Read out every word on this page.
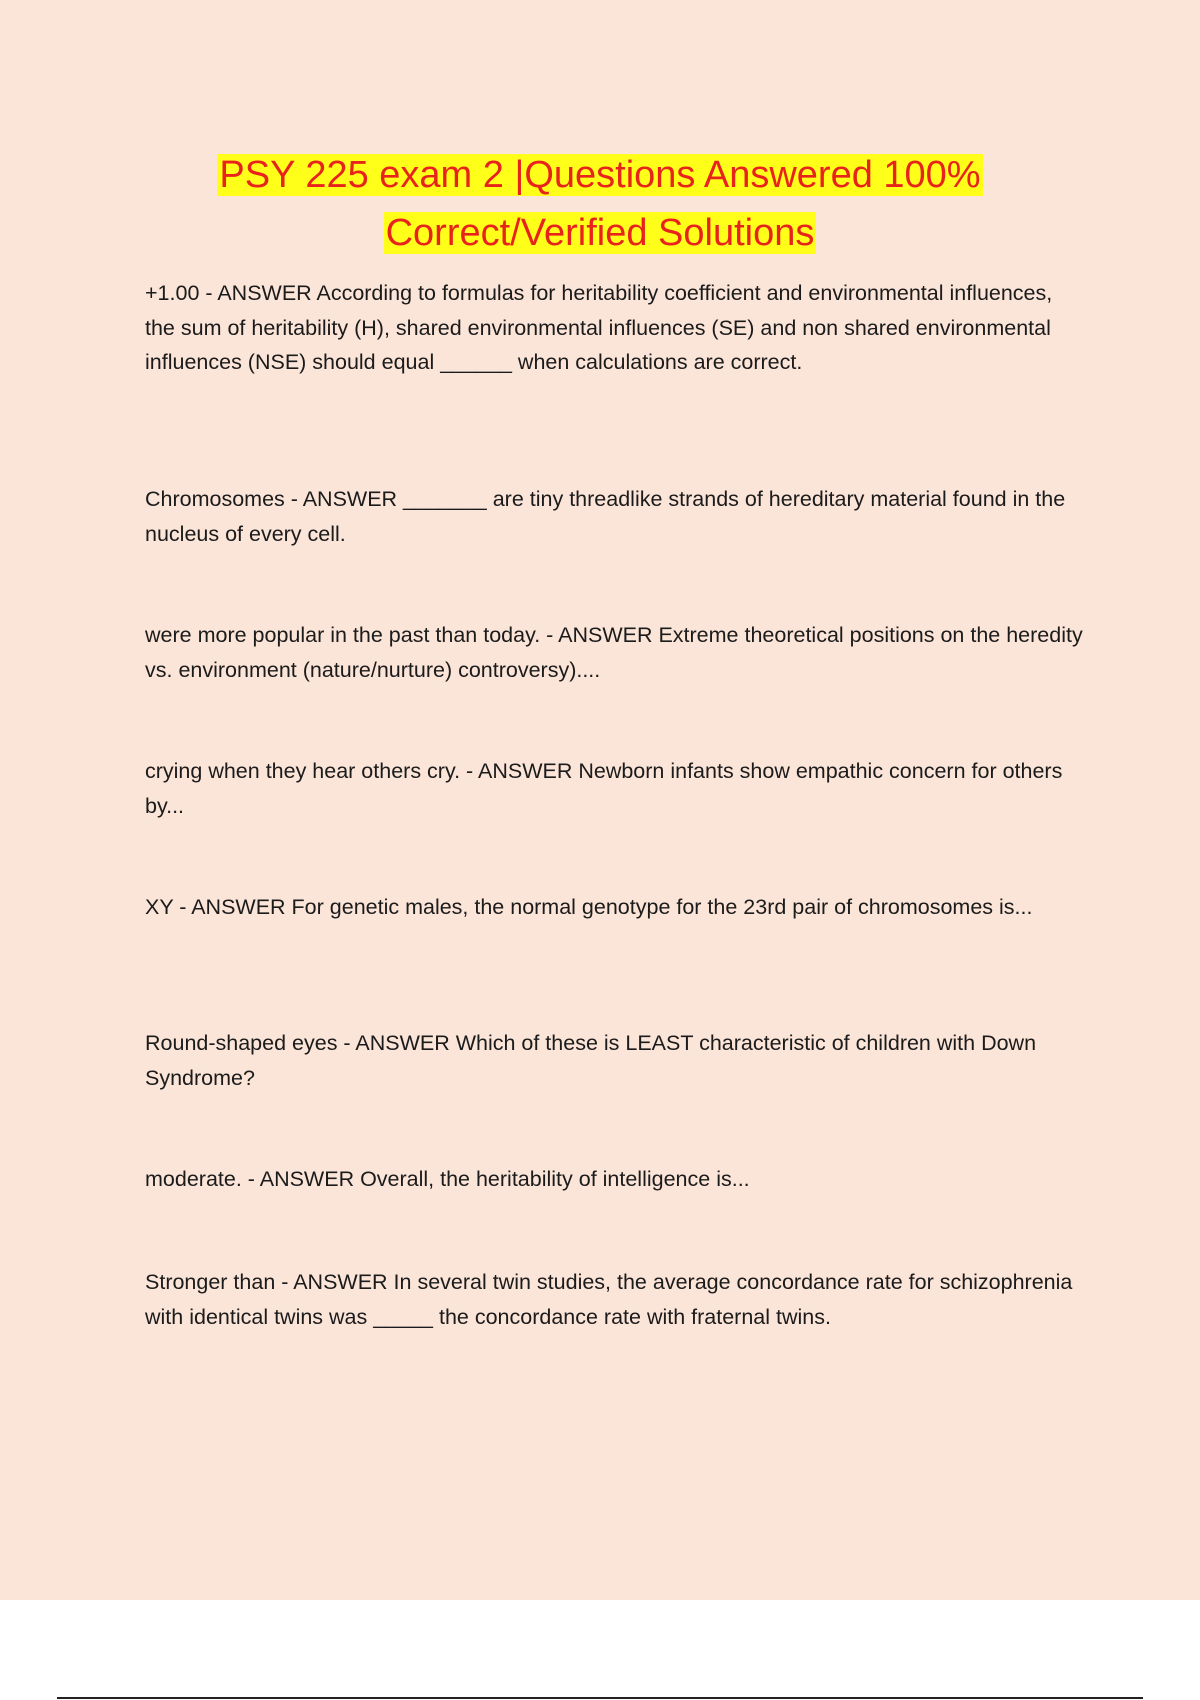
PSY 225 exam 2 |Questions Answered 100%
Correct/Verified Solutions

+1.00 - ANSWER According to formulas for heritability coefficient and environmental influences, the sum of heritability (H), shared environmental influences (SE) and non shared environmental influences (NSE) should equal ______ when calculations are correct.

Chromosomes - ANSWER _______ are tiny threadlike strands of hereditary material found in the nucleus of every cell.

were more popular in the past than today. - ANSWER Extreme theoretical positions on the heredity vs. environment (nature/nurture) controversy)....

crying when they hear others cry. - ANSWER Newborn infants show empathic concern for others by...

XY - ANSWER For genetic males, the normal genotype for the 23rd pair of chromosomes is...

Round-shaped eyes - ANSWER Which of these is LEAST characteristic of children with Down Syndrome?

moderate. - ANSWER Overall, the heritability of intelligence is...

Stronger than - ANSWER In several twin studies, the average concordance rate for schizophrenia with identical twins was _____ the concordance rate with fraternal twins.
